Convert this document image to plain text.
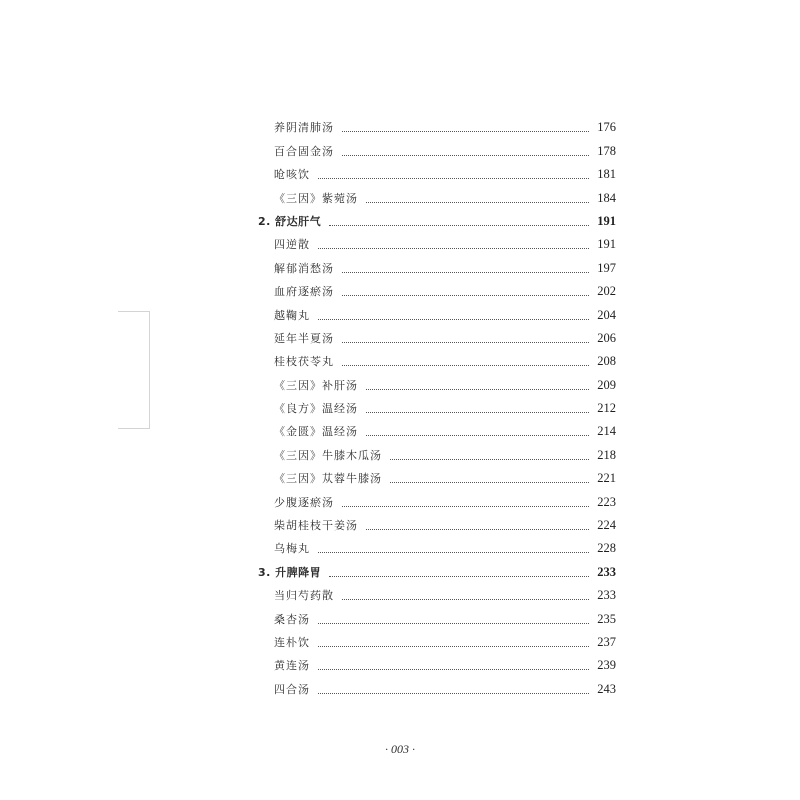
养阴清肺汤	176
百合固金汤	178
呛咳饮	181
《三因》紫菀汤	184
2. 舒达肝气	191
四逆散	191
解郁消愁汤	197
血府逐瘀汤	202
越鞠丸	204
延年半夏汤	206
桂枝茯苓丸	208
《三因》补肝汤	209
《良方》温经汤	212
《金匮》温经汤	214
《三因》牛膝木瓜汤	218
《三因》苁蓉牛膝汤	221
少腹逐瘀汤	223
柴胡桂枝干姜汤	224
乌梅丸	228
3. 升脾降胃	233
当归芍药散	233
桑杏汤	235
连朴饮	237
黄连汤	239
四合汤	243
· 003 ·
